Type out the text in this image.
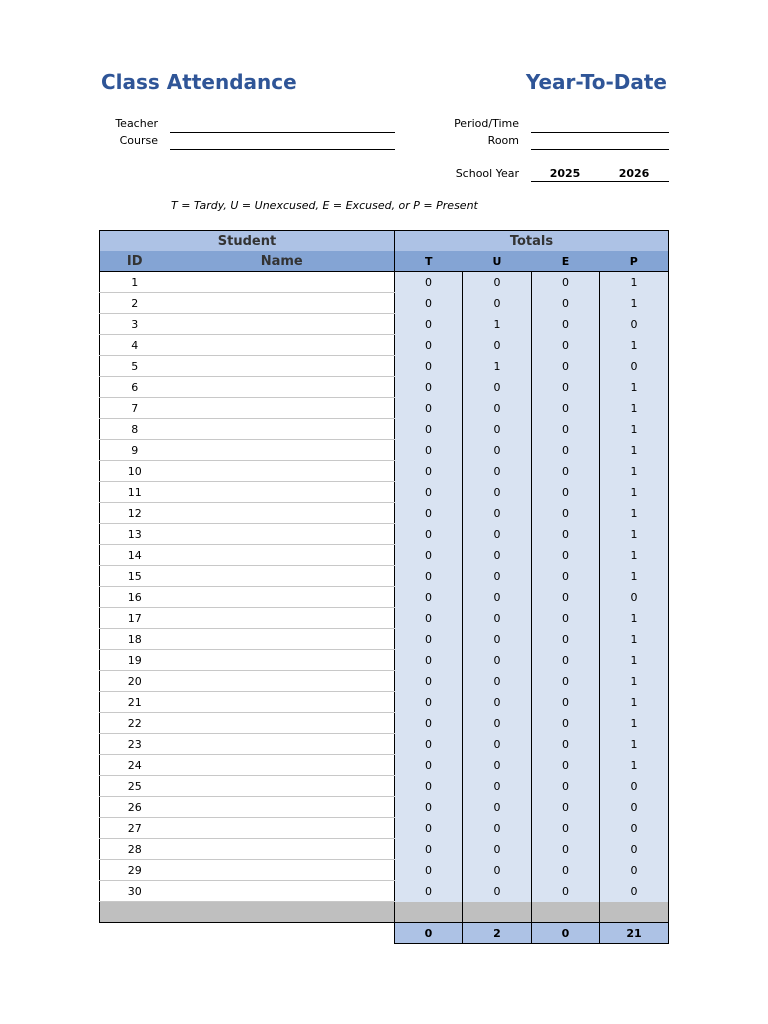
Class Attendance	Year-To-Date
Teacher
Course
Period/Time
Room
School Year	2025	2026
T = Tardy, U = Unexcused, E = Excused, or P = Present
Student		Totals			
ID	Name	T	U	E	P
1		0	0	0	1
2		0	0	0	1
3		0	1	0	0
4		0	0	0	1
5		0	1	0	0
6		0	0	0	1
7		0	0	0	1
8		0	0	0	1
9		0	0	0	1
10		0	0	0	1
11		0	0	0	1
12		0	0	0	1
13		0	0	0	1
14		0	0	0	1
15		0	0	0	1
16		0	0	0	0
17		0	0	0	1
18		0	0	0	1
19		0	0	0	1
20		0	0	0	1
21		0	0	0	1
22		0	0	0	1
23		0	0	0	1
24		0	0	0	1
25		0	0	0	0
26		0	0	0	0
27		0	0	0	0
28		0	0	0	0
29		0	0	0	0
30		0	0	0	0

		0	2	0	21
